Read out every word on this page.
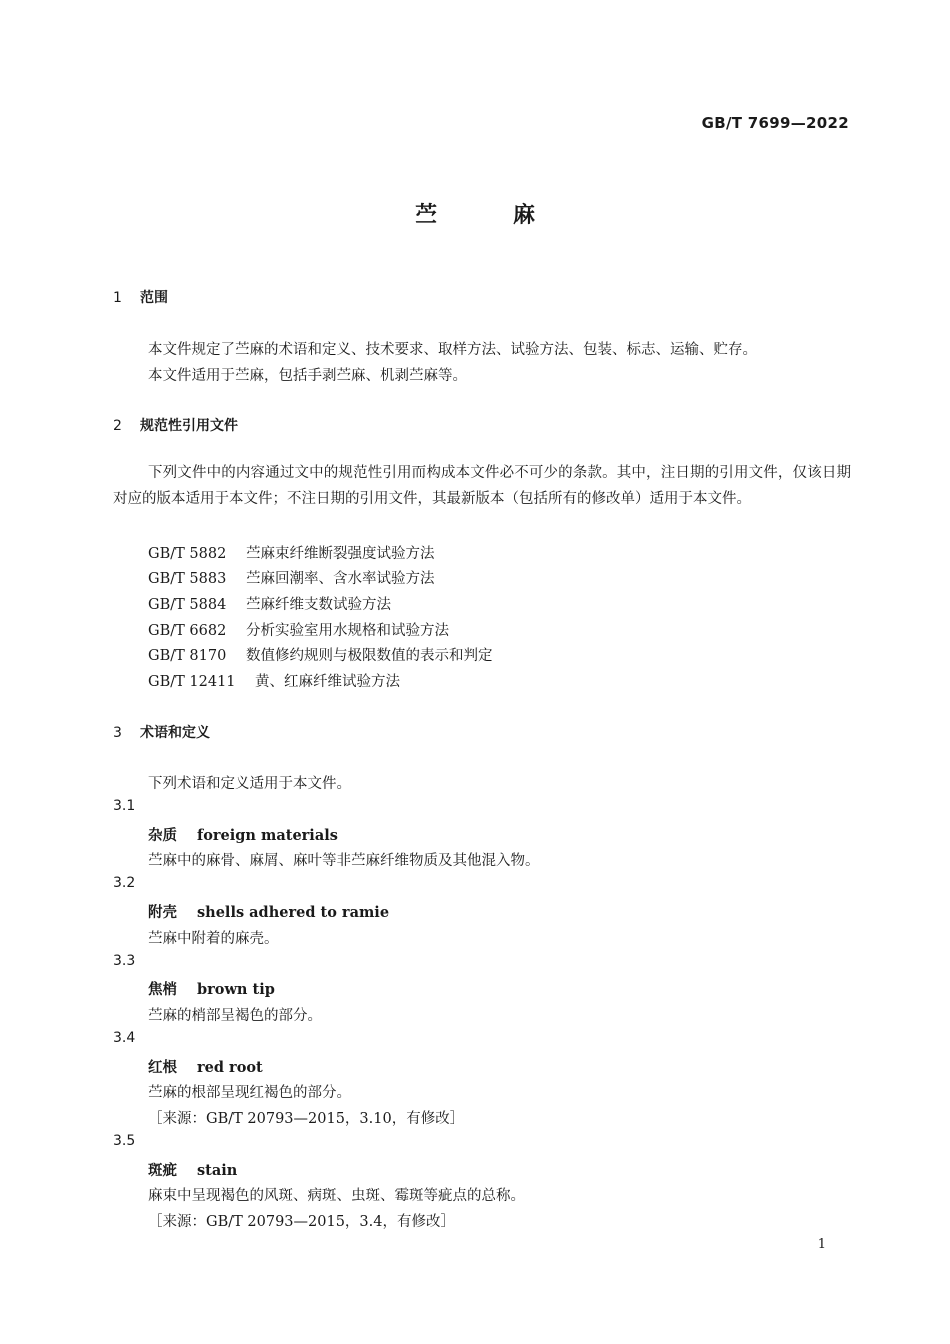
GB/T 7699—2022
苎	麻
1 范围
本文件规定了苎麻的术语和定义、技术要求、取样方法、试验方法、包装、标志、运输、贮存。
本文件适用于苎麻，包括手剥苎麻、机剥苎麻等。
2 规范性引用文件
下列文件中的内容通过文中的规范性引用而构成本文件必不可少的条款。其中，注日期的引用文件，仅该日期对应的版本适用于本文件；不注日期的引用文件，其最新版本（包括所有的修改单）适用于本文件。
GB/T 5882 苎麻束纤维断裂强度试验方法
GB/T 5883 苎麻回潮率、含水率试验方法
GB/T 5884 苎麻纤维支数试验方法
GB/T 6682 分析实验室用水规格和试验方法
GB/T 8170 数值修约规则与极限数值的表示和判定
GB/T 12411 黄、红麻纤维试验方法
3 术语和定义
下列术语和定义适用于本文件。
3.1
杂质 foreign materials
苎麻中的麻骨、麻屑、麻叶等非苎麻纤维物质及其他混入物。
3.2
附壳 shells adhered to ramie
苎麻中附着的麻壳。
3.3
焦梢 brown tip
苎麻的梢部呈褐色的部分。
3.4
红根 red root
苎麻的根部呈现红褐色的部分。
［来源：GB/T 20793—2015，3.10，有修改］
3.5
斑疵 stain
麻束中呈现褐色的风斑、病斑、虫斑、霉斑等疵点的总称。
［来源：GB/T 20793—2015，3.4，有修改］
1
